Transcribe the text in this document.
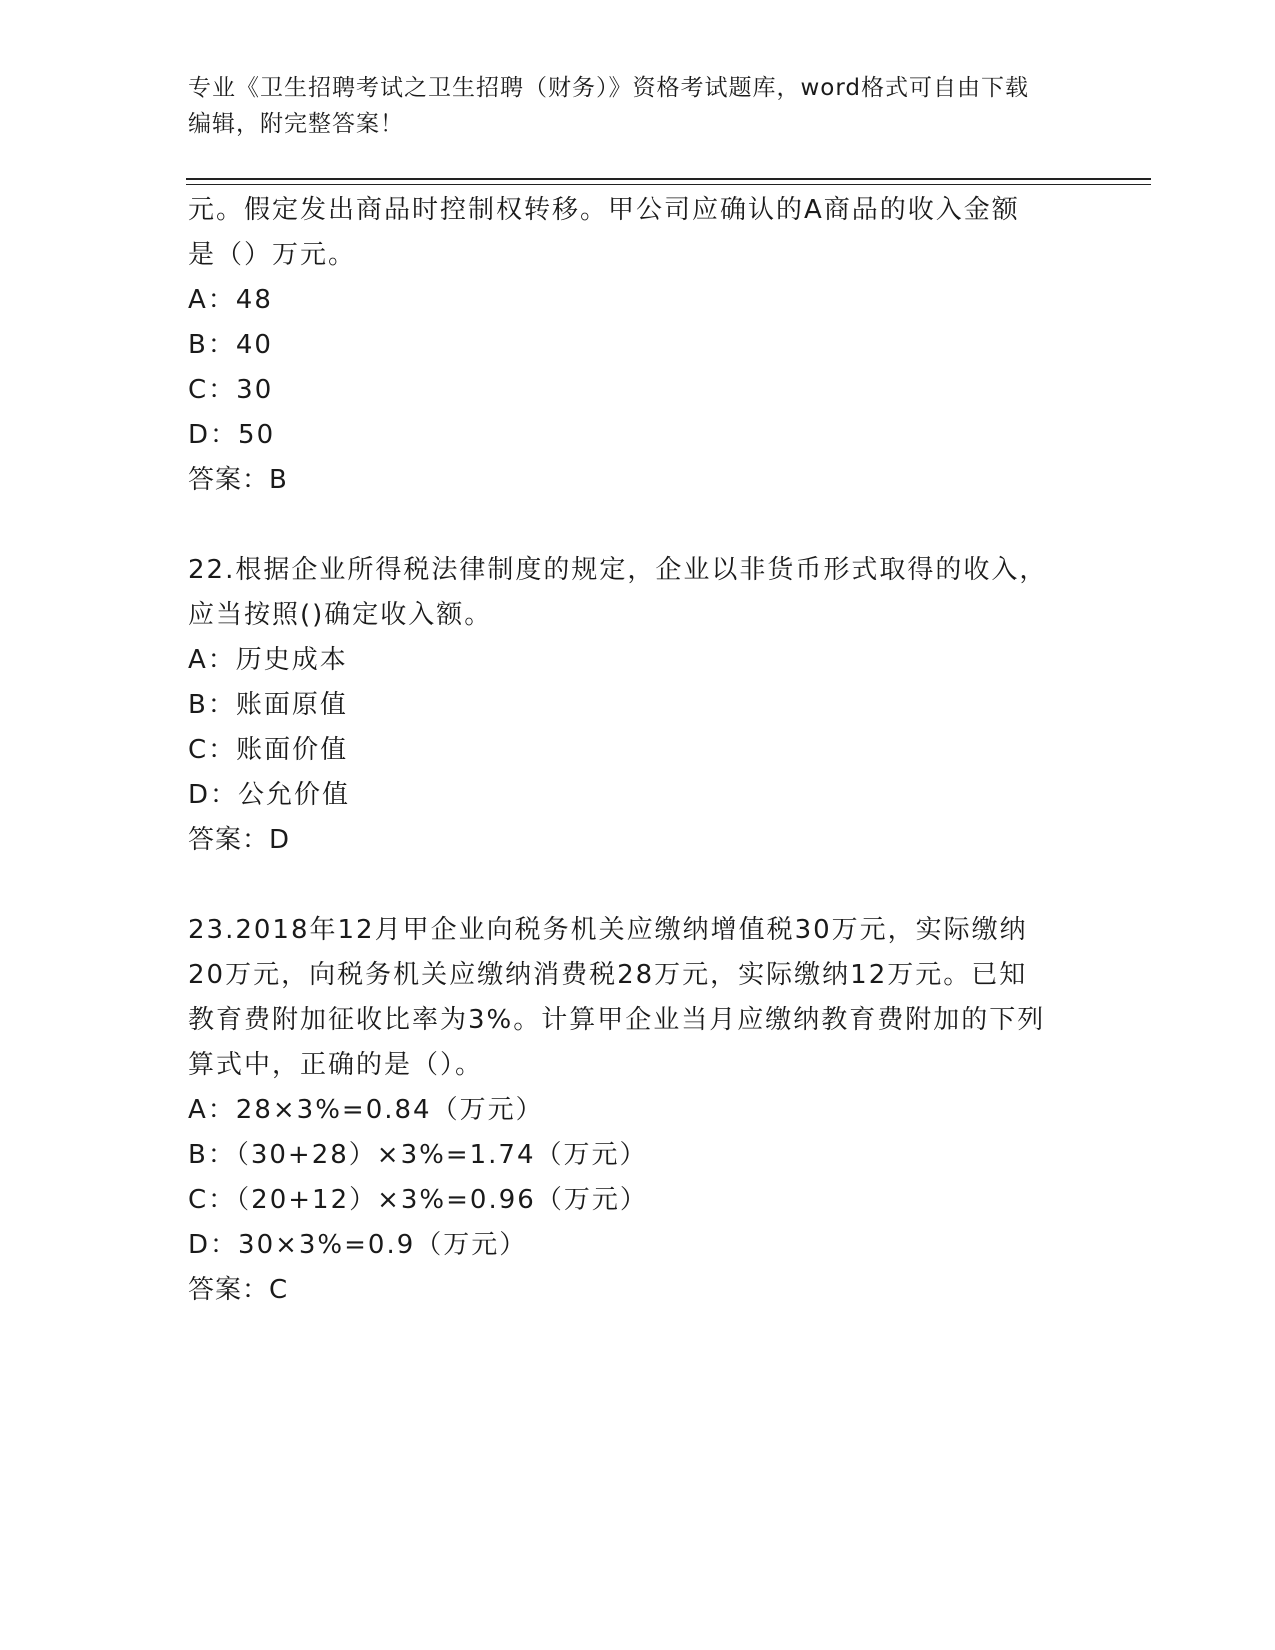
专业《卫生招聘考试之卫生招聘（财务）》资格考试题库，word格式可自由下载
编辑，附完整答案！
元。假定发出商品时控制权转移。甲公司应确认的A商品的收入金额
是（）万元。
A：48
B：40
C：30
D：50
答案：B
22.根据企业所得税法律制度的规定，企业以非货币形式取得的收入，
应当按照()确定收入额。
A：历史成本
B：账面原值
C：账面价值
D：公允价值
答案：D
23.2018年12月甲企业向税务机关应缴纳增值税30万元，实际缴纳
20万元，向税务机关应缴纳消费税28万元，实际缴纳12万元。已知
教育费附加征收比率为3%。计算甲企业当月应缴纳教育费附加的下列
算式中，正确的是（）。
A：28×3%=0.84（万元）
B：（30+28）×3%=1.74（万元）
C：（20+12）×3%=0.96（万元）
D：30×3%=0.9（万元）
答案：C
